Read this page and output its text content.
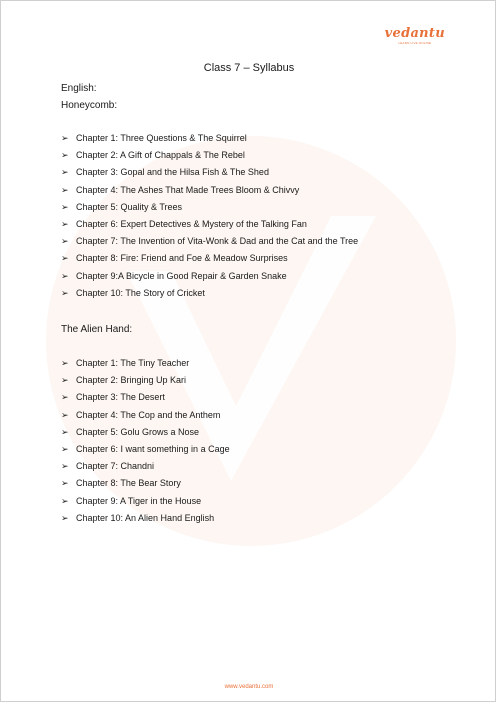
vedantu
LEARN LIVE ONLINE
Class 7 – Syllabus
English:
Honeycomb:
➢ Chapter 1: Three Questions & The Squirrel
➢ Chapter 2: A Gift of Chappals & The Rebel
➢ Chapter 3: Gopal and the Hilsa Fish & The Shed
➢ Chapter 4: The Ashes That Made Trees Bloom & Chivvy
➢ Chapter 5: Quality & Trees
➢ Chapter 6: Expert Detectives & Mystery of the Talking Fan
➢ Chapter 7: The Invention of Vita-Wonk & Dad and the Cat and the Tree
➢ Chapter 8: Fire: Friend and Foe & Meadow Surprises
➢ Chapter 9:A Bicycle in Good Repair & Garden Snake
➢ Chapter 10: The Story of Cricket
The Alien Hand:
➢ Chapter 1: The Tiny Teacher
➢ Chapter 2: Bringing Up Kari
➢ Chapter 3: The Desert
➢ Chapter 4: The Cop and the Anthem
➢ Chapter 5: Golu Grows a Nose
➢ Chapter 6: I want something in a Cage
➢ Chapter 7: Chandni
➢ Chapter 8: The Bear Story
➢ Chapter 9: A Tiger in the House
➢ Chapter 10: An Alien Hand English
www.vedantu.com
